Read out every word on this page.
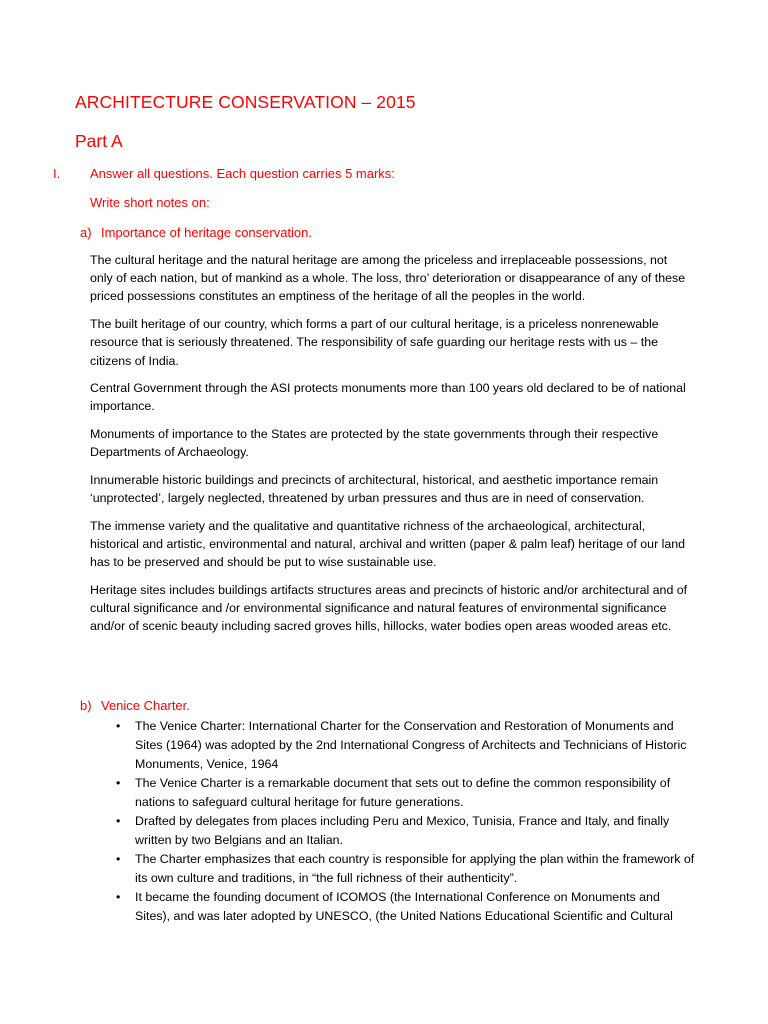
ARCHITECTURE CONSERVATION – 2015
Part A
I. Answer all questions. Each question carries 5 marks:
Write short notes on:
a) Importance of heritage conservation.

The cultural heritage and the natural heritage are among the priceless and irreplaceable possessions, not only of each nation, but of mankind as a whole. The loss, thro’ deterioration or disappearance of any of these priced possessions constitutes an emptiness of the heritage of all the peoples in the world.

The built heritage of our country, which forms a part of our cultural heritage, is a priceless nonrenewable resource that is seriously threatened. The responsibility of safe guarding our heritage rests with us – the citizens of India.

Central Government through the ASI protects monuments more than 100 years old declared to be of national importance.

Monuments of importance to the States are protected by the state governments through their respective Departments of Archaeology.

Innumerable historic buildings and precincts of architectural, historical, and aesthetic importance remain ‘unprotected’, largely neglected, threatened by urban pressures and thus are in need of conservation.

The immense variety and the qualitative and quantitative richness of the archaeological, architectural, historical and artistic, environmental and natural, archival and written (paper & palm leaf) heritage of our land has to be preserved and should be put to wise sustainable use.

Heritage sites includes buildings artifacts structures areas and precincts of historic and/or architectural and of cultural significance and /or environmental significance and natural features of environmental significance and/or of scenic beauty including sacred groves hills, hillocks, water bodies open areas wooded areas etc.

b) Venice Charter.
• The Venice Charter: International Charter for the Conservation and Restoration of Monuments and Sites (1964) was adopted by the 2nd International Congress of Architects and Technicians of Historic Monuments, Venice, 1964
• The Venice Charter is a remarkable document that sets out to define the common responsibility of nations to safeguard cultural heritage for future generations.
• Drafted by delegates from places including Peru and Mexico, Tunisia, France and Italy, and finally written by two Belgians and an Italian.
• The Charter emphasizes that each country is responsible for applying the plan within the framework of its own culture and traditions, in “the full richness of their authenticity”.
• It became the founding document of ICOMOS (the International Conference on Monuments and Sites), and was later adopted by UNESCO, (the United Nations Educational Scientific and Cultural
